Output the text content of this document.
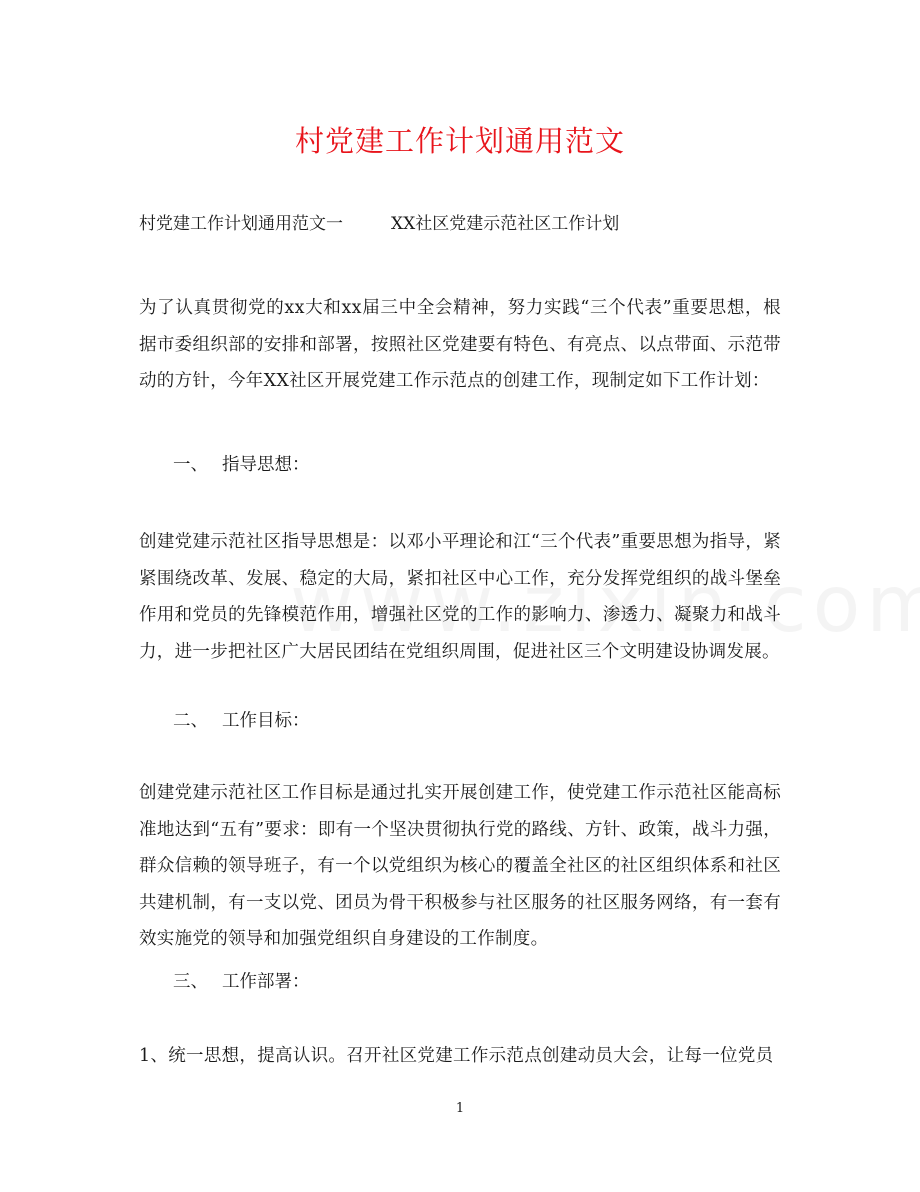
村党建工作计划通用范文
村党建工作计划通用范文一	XX社区党建示范社区工作计划
为了认真贯彻党的xx大和xx届三中全会精神，努力实践“三个代表”重要思想，根据市委组织部的安排和部署，按照社区党建要有特色、有亮点、以点带面、示范带动的方针，今年XX社区开展党建工作示范点的创建工作，现制定如下工作计划：
一、 指导思想：
创建党建示范社区指导思想是：以邓小平理论和江“三个代表”重要思想为指导，紧紧围绕改革、发展、稳定的大局，紧扣社区中心工作，充分发挥党组织的战斗堡垒作用和党员的先锋模范作用，增强社区党的工作的影响力、渗透力、凝聚力和战斗力，进一步把社区广大居民团结在党组织周围，促进社区三个文明建设协调发展。
二、 工作目标：
创建党建示范社区工作目标是通过扎实开展创建工作，使党建工作示范社区能高标准地达到“五有”要求：即有一个坚决贯彻执行党的路线、方针、政策，战斗力强，群众信赖的领导班子，有一个以党组织为核心的覆盖全社区的社区组织体系和社区共建机制，有一支以党、团员为骨干积极参与社区服务的社区服务网络，有一套有效实施党的领导和加强党组织自身建设的工作制度。
三、 工作部署：
1、统一思想，提高认识。召开社区党建工作示范点创建动员大会，让每一位党员
1
